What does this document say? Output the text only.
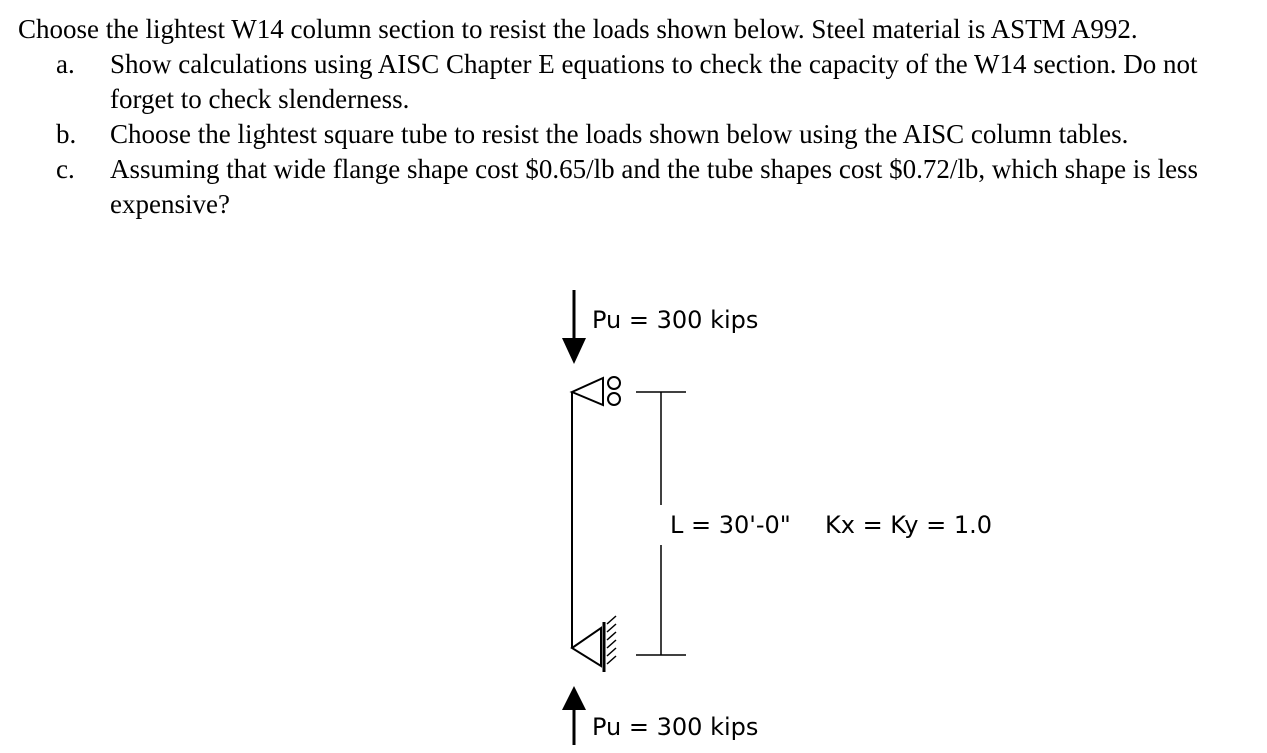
Choose the lightest W14 column section to resist the loads shown below. Steel material is ASTM A992.

a. Show calculations using AISC Chapter E equations to check the capacity of the W14 section. Do not forget to check slenderness.
b. Choose the lightest square tube to resist the loads shown below using the AISC column tables.
c. Assuming that wide flange shape cost $0.65/lb and the tube shapes cost $0.72/lb, which shape is less expensive?
Pu = 300 kips
L = 30'-0" Kx = Ky = 1.0
Pu = 300 kips
